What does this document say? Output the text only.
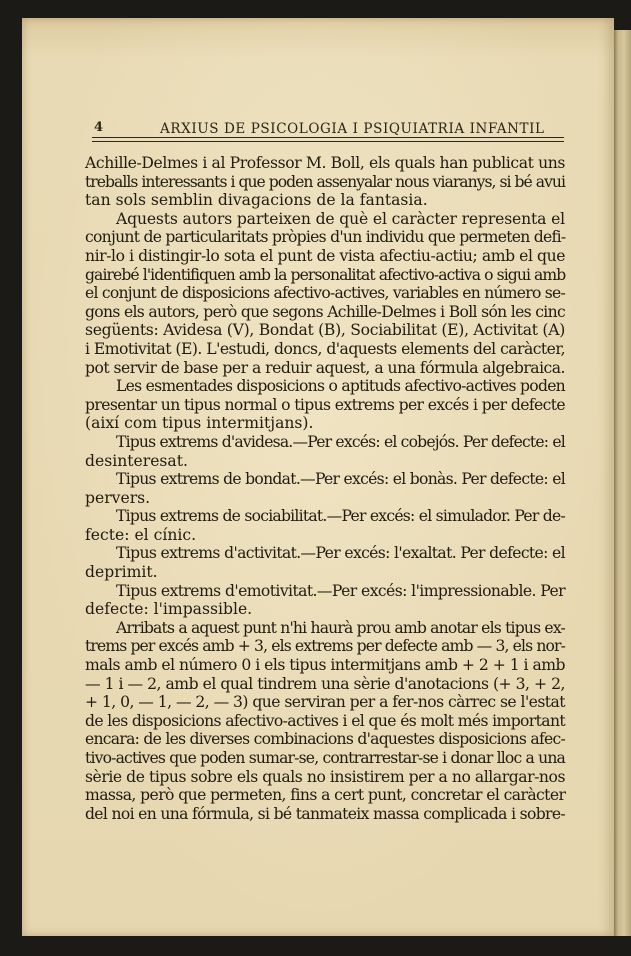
4	ARXIUS DE PSICOLOGIA I PSIQUIATRIA INFANTIL
Achille-Delmes i al Professor M. Boll, els quals han publicat uns
treballs interessants i que poden assenyalar nous viaranys, si bé avui
tan sols semblin divagacions de la fantasia.
Aquests autors parteixen de què el caràcter representa el
conjunt de particularitats pròpies d'un individu que permeten defi-
nir-lo i distingir-lo sota el punt de vista afectiu-actiu; amb el que
gairebé l'identifiquen amb la personalitat afectivo-activa o sigui amb
el conjunt de disposicions afectivo-actives, variables en número se-
gons els autors, però que segons Achille-Delmes i Boll són les cinc
següents: Avidesa (V), Bondat (B), Sociabilitat (E), Activitat (A)
i Emotivitat (E). L'estudi, doncs, d'aquests elements del caràcter,
pot servir de base per a reduir aquest, a una fórmula algebraica.
Les esmentades disposicions o aptituds afectivo-actives poden
presentar un tipus normal o tipus extrems per excés i per defecte
(així com tipus intermitjans).
Tipus extrems d'avidesa.—Per excés: el cobejós. Per defecte: el
desinteresat.
Tipus extrems de bondat.—Per excés: el bonàs. Per defecte: el
pervers.
Tipus extrems de sociabilitat.—Per excés: el simulador. Per de-
fecte: el cínic.
Tipus extrems d'activitat.—Per excés: l'exaltat. Per defecte: el
deprimit.
Tipus extrems d'emotivitat.—Per excés: l'impressionable. Per
defecte: l'impassible.
Arribats a aquest punt n'hi haurà prou amb anotar els tipus ex-
trems per excés amb + 3, els extrems per defecte amb — 3, els nor-
mals amb el número 0 i els tipus intermitjans amb + 2 + 1 i amb
— 1 i — 2, amb el qual tindrem una sèrie d'anotacions (+ 3, + 2,
+ 1, 0, — 1, — 2, — 3) que serviran per a fer-nos càrrec se l'estat
de les disposicions afectivo-actives i el que és molt més important
encara: de les diverses combinacions d'aquestes disposicions afec-
tivo-actives que poden sumar-se, contrarrestar-se i donar lloc a una
sèrie de tipus sobre els quals no insistirem per a no allargar-nos
massa, però que permeten, fins a cert punt, concretar el caràcter
del noi en una fórmula, si bé tanmateix massa complicada i sobre-
